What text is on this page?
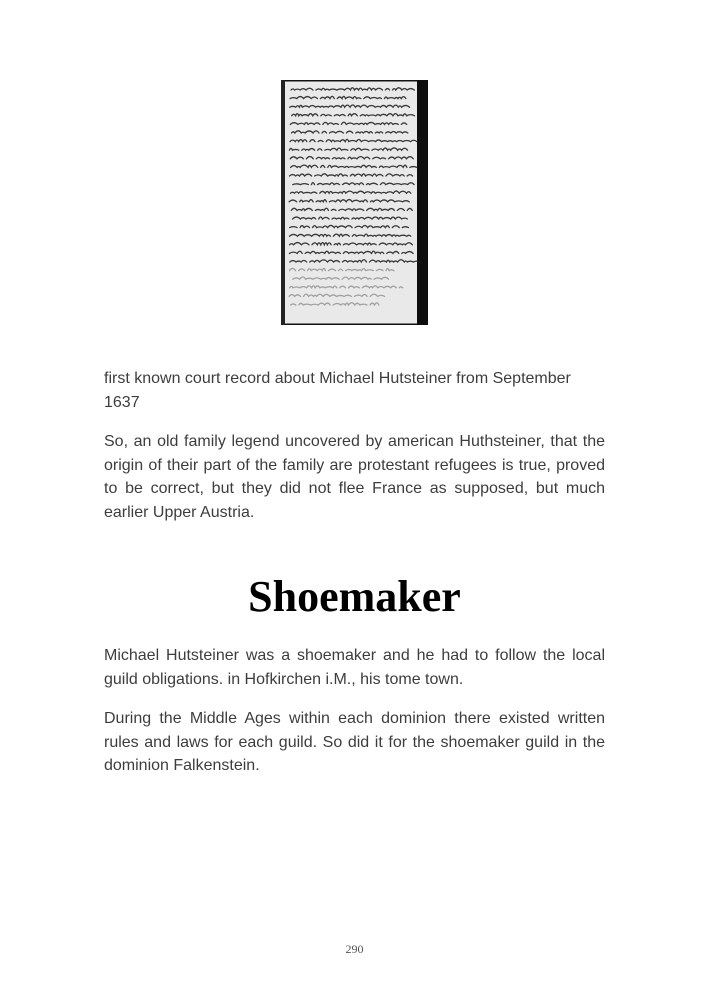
first known court record about Michael Hutsteiner from September 1637

So, an old family legend uncovered by american Huthsteiner, that the origin of their part of the family are protestant refugees is true, proved to be correct, but they did not flee France as supposed, but much earlier Upper Austria.

Shoemaker

Michael Hutsteiner was a shoemaker and he had to follow the local guild obligations. in Hofkirchen i.M., his tome town.

During the Middle Ages within each dominion there existed written rules and laws for each guild. So did it for the shoemaker guild in the dominion Falkenstein.

290
